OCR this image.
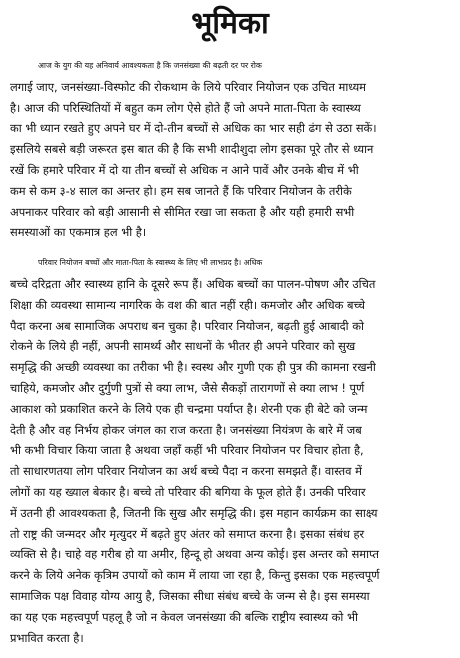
भूमिका
आज के युग की यह अनिवार्य आवश्यकता है कि जनसंख्या की बढ़ती दर पर रोक
लगाई जाए, जनसंख्या-विस्फोट की रोकथाम के लिये परिवार नियोजन एक उचित माध्यम
है। आज की परिस्थितियों में बहुत कम लोग ऐसे होते हैं जो अपने माता-पिता के स्वास्थ्य
का भी ध्यान रखते हुए अपने घर में दो-तीन बच्चों से अधिक का भार सही ढंग से उठा सकें।
इसलिये सबसे बड़ी जरूरत इस बात की है कि सभी शादीशुदा लोग इसका पूरे तौर से ध्यान
रखें कि हमारे परिवार में दो या तीन बच्चों से अधिक न आने पावें और उनके बीच में भी
कम से कम ३-४ साल का अन्तर हो। हम सब जानते हैं कि परिवार नियोजन के तरीके
अपनाकर परिवार को बड़ी आसानी से सीमित रखा जा सकता है और यही हमारी सभी
समस्याओं का एकमात्र हल भी है।
परिवार नियोजन बच्चों और माता-पिता के स्वास्थ्य के लिए भी लाभप्रद है। अधिक
बच्चे दरिद्रता और स्वास्थ्य हानि के दूसरे रूप हैं। अधिक बच्चों का पालन-पोषण और उचित
शिक्षा की व्यवस्था सामान्य नागरिक के वश की बात नहीं रही। कमजोर और अधिक बच्चे
पैदा करना अब सामाजिक अपराध बन चुका है। परिवार नियोजन, बढ़ती हुई आबादी को
रोकने के लिये ही नहीं, अपनी सामर्थ्य और साधनों के भीतर ही अपने परिवार को सुख
समृद्धि की अच्छी व्यवस्था का तरीका भी है। स्वस्थ और गुणी एक ही पुत्र की कामना रखनी
चाहिये, कमजोर और दुर्गुणी पुत्रों से क्या लाभ, जैसे सैकड़ों तारागणों से क्या लाभ ! पूर्ण
आकाश को प्रकाशित करने के लिये एक ही चन्द्रमा पर्याप्त है। शेरनी एक ही बेटे को जन्म
देती है और वह निर्भय होकर जंगल का राज करता है। जनसंख्या नियंत्रण के बारे में जब
भी कभी विचार किया जाता है अथवा जहाँ कहीं भी परिवार नियोजन पर विचार होता है,
तो साधारणतया लोग परिवार नियोजन का अर्थ बच्चे पैदा न करना समझते हैं। वास्तव में
लोगों का यह ख्याल बेकार है। बच्चे तो परिवार की बगिया के फूल होते हैं। उनकी परिवार
में उतनी ही आवश्यकता है, जितनी कि सुख और समृद्धि की। इस महान कार्यक्रम का साक्ष्य
तो राष्ट्र की जन्मदर और मृत्युदर में बढ़ते हुए अंतर को समाप्त करना है। इसका संबंध हर
व्यक्ति से है। चाहे वह गरीब हो या अमीर, हिन्दू हो अथवा अन्य कोई। इस अन्तर को समाप्त
करने के लिये अनेक कृत्रिम उपायों को काम में लाया जा रहा है, किन्तु इसका एक महत्त्वपूर्ण
सामाजिक पक्ष विवाह योग्य आयु है, जिसका सीधा संबंध बच्चे के जन्म से है। इस समस्या
का यह एक महत्त्वपूर्ण पहलू है जो न केवल जनसंख्या की बल्कि राष्ट्रीय स्वास्थ्य को भी
प्रभावित करता है।
